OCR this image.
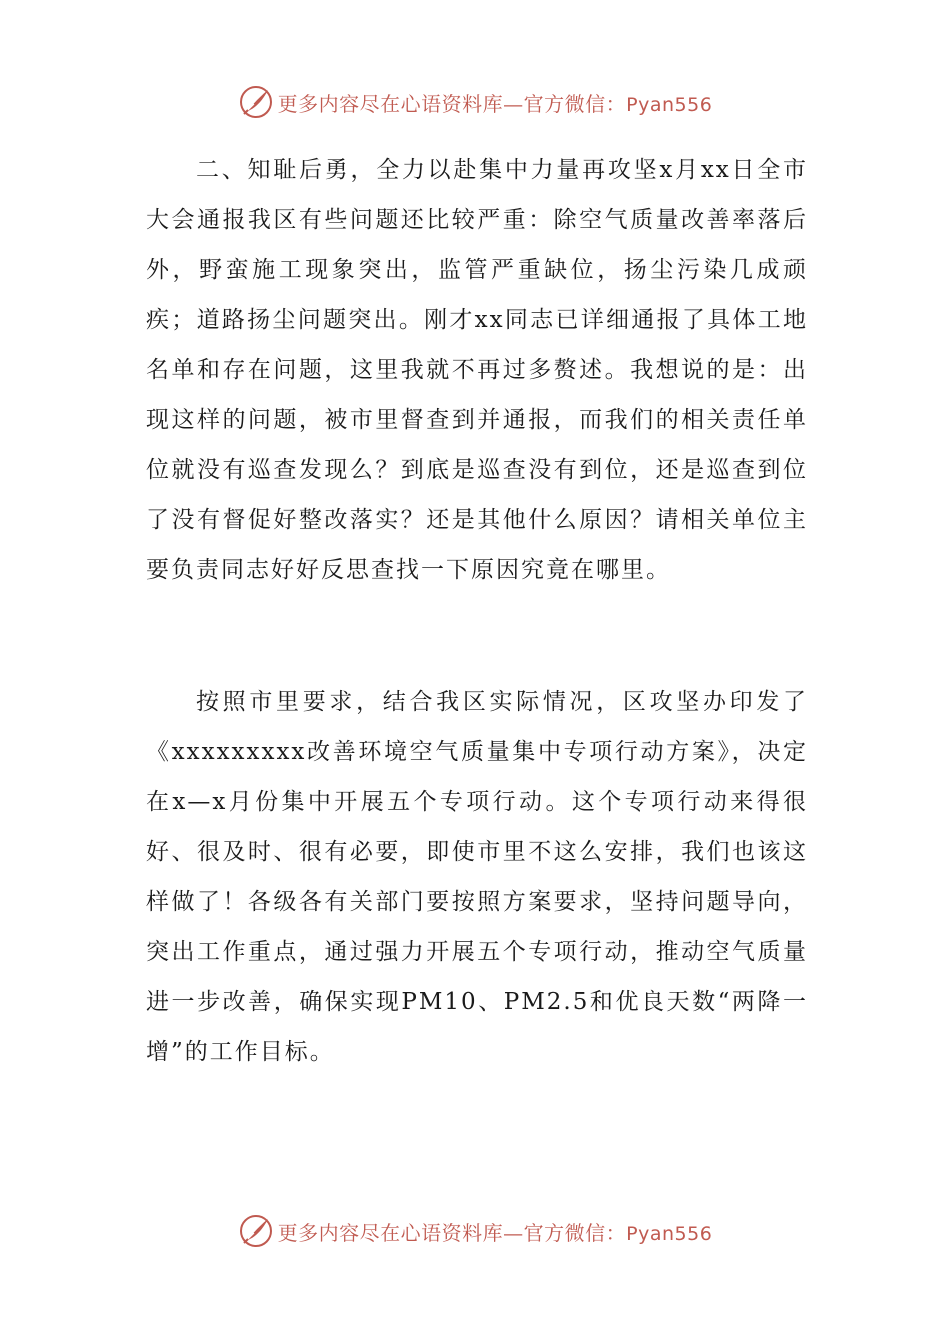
更多内容尽在心语资料库—官方微信：Pyan556

二、知耻后勇，全力以赴集中力量再攻坚x月xx日全市大会通报我区有些问题还比较严重：除空气质量改善率落后外，野蛮施工现象突出，监管严重缺位，扬尘污染几成顽疾；道路扬尘问题突出。刚才xx同志已详细通报了具体工地名单和存在问题，这里我就不再过多赘述。我想说的是：出现这样的问题，被市里督查到并通报，而我们的相关责任单位就没有巡查发现么？到底是巡查没有到位，还是巡查到位了没有督促好整改落实？还是其他什么原因？请相关单位主要负责同志好好反思查找一下原因究竟在哪里。

按照市里要求，结合我区实际情况，区攻坚办印发了《xxxxxxxxx改善环境空气质量集中专项行动方案》，决定在x—x月份集中开展五个专项行动。这个专项行动来得很好、很及时、很有必要，即使市里不这么安排，我们也该这样做了！各级各有关部门要按照方案要求，坚持问题导向，突出工作重点，通过强力开展五个专项行动，推动空气质量进一步改善，确保实现PM10、PM2.5和优良天数“两降一增”的工作目标。

更多内容尽在心语资料库—官方微信：Pyan556
